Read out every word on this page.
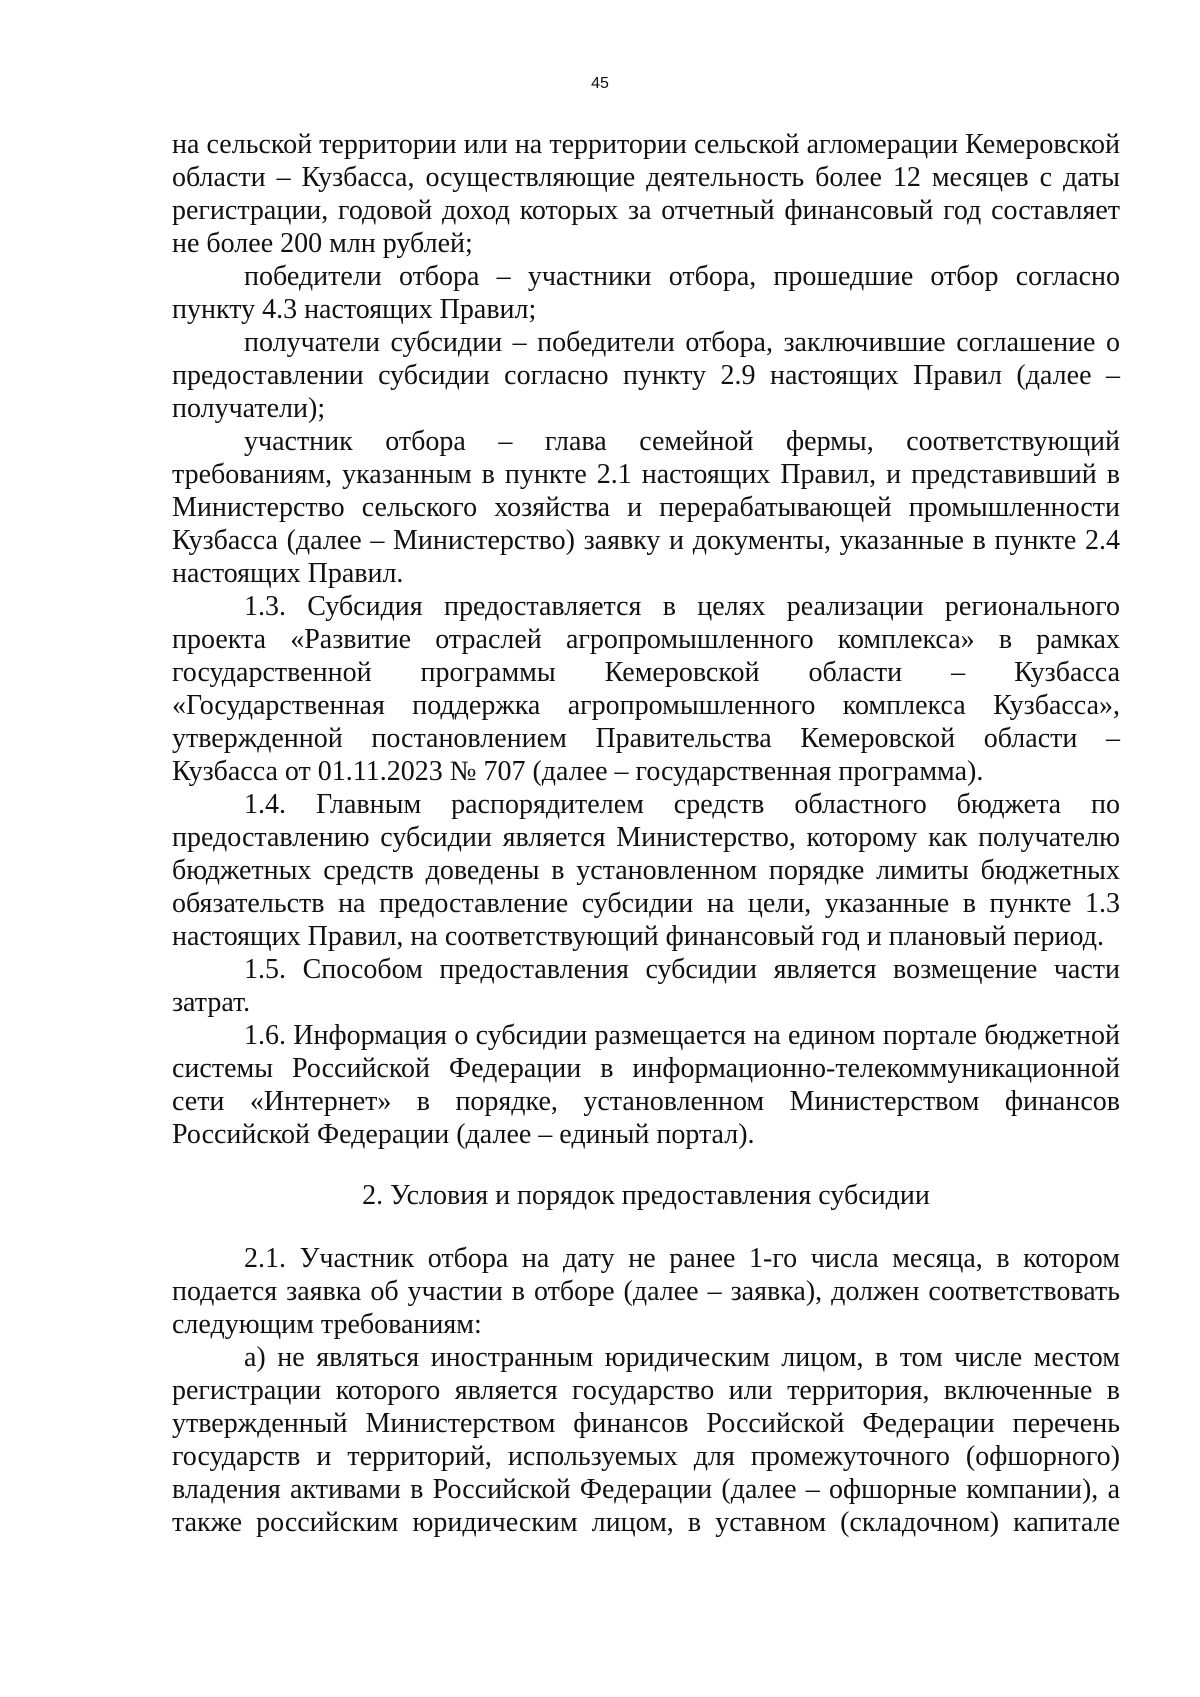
45

на сельской территории или на территории сельской агломерации Кемеровской области – Кузбасса, осуществляющие деятельность более 12 месяцев с даты регистрации, годовой доход которых за отчетный финансовый год составляет не более 200 млн рублей;

победители отбора – участники отбора, прошедшие отбор согласно пункту 4.3 настоящих Правил;

получатели субсидии – победители отбора, заключившие соглашение о предоставлении субсидии согласно пункту 2.9 настоящих Правил (далее – получатели);

участник отбора – глава семейной фермы, соответствующий требованиям, указанным в пункте 2.1 настоящих Правил, и представивший в Министерство сельского хозяйства и перерабатывающей промышленности Кузбасса (далее – Министерство) заявку и документы, указанные в пункте 2.4 настоящих Правил.

1.3. Субсидия предоставляется в целях реализации регионального проекта «Развитие отраслей агропромышленного комплекса» в рамках государственной программы Кемеровской области – Кузбасса «Государственная поддержка агропромышленного комплекса Кузбасса», утвержденной постановлением Правительства Кемеровской области – Кузбасса от 01.11.2023 № 707 (далее – государственная программа).

1.4. Главным распорядителем средств областного бюджета по предоставлению субсидии является Министерство, которому как получателю бюджетных средств доведены в установленном порядке лимиты бюджетных обязательств на предоставление субсидии на цели, указанные в пункте 1.3 настоящих Правил, на соответствующий финансовый год и плановый период.

1.5. Способом предоставления субсидии является возмещение части затрат.

1.6. Информация о субсидии размещается на едином портале бюджетной системы Российской Федерации в информационно-телекоммуникационной сети «Интернет» в порядке, установленном Министерством финансов Российской Федерации (далее – единый портал).

2. Условия и порядок предоставления субсидии

2.1. Участник отбора на дату не ранее 1-го числа месяца, в котором подается заявка об участии в отборе (далее – заявка), должен соответствовать следующим требованиям:

а) не являться иностранным юридическим лицом, в том числе местом регистрации которого является государство или территория, включенные в утвержденный Министерством финансов Российской Федерации перечень государств и территорий, используемых для промежуточного (офшорного) владения активами в Российской Федерации (далее – офшорные компании), а также российским юридическим лицом, в уставном (складочном) капитале
